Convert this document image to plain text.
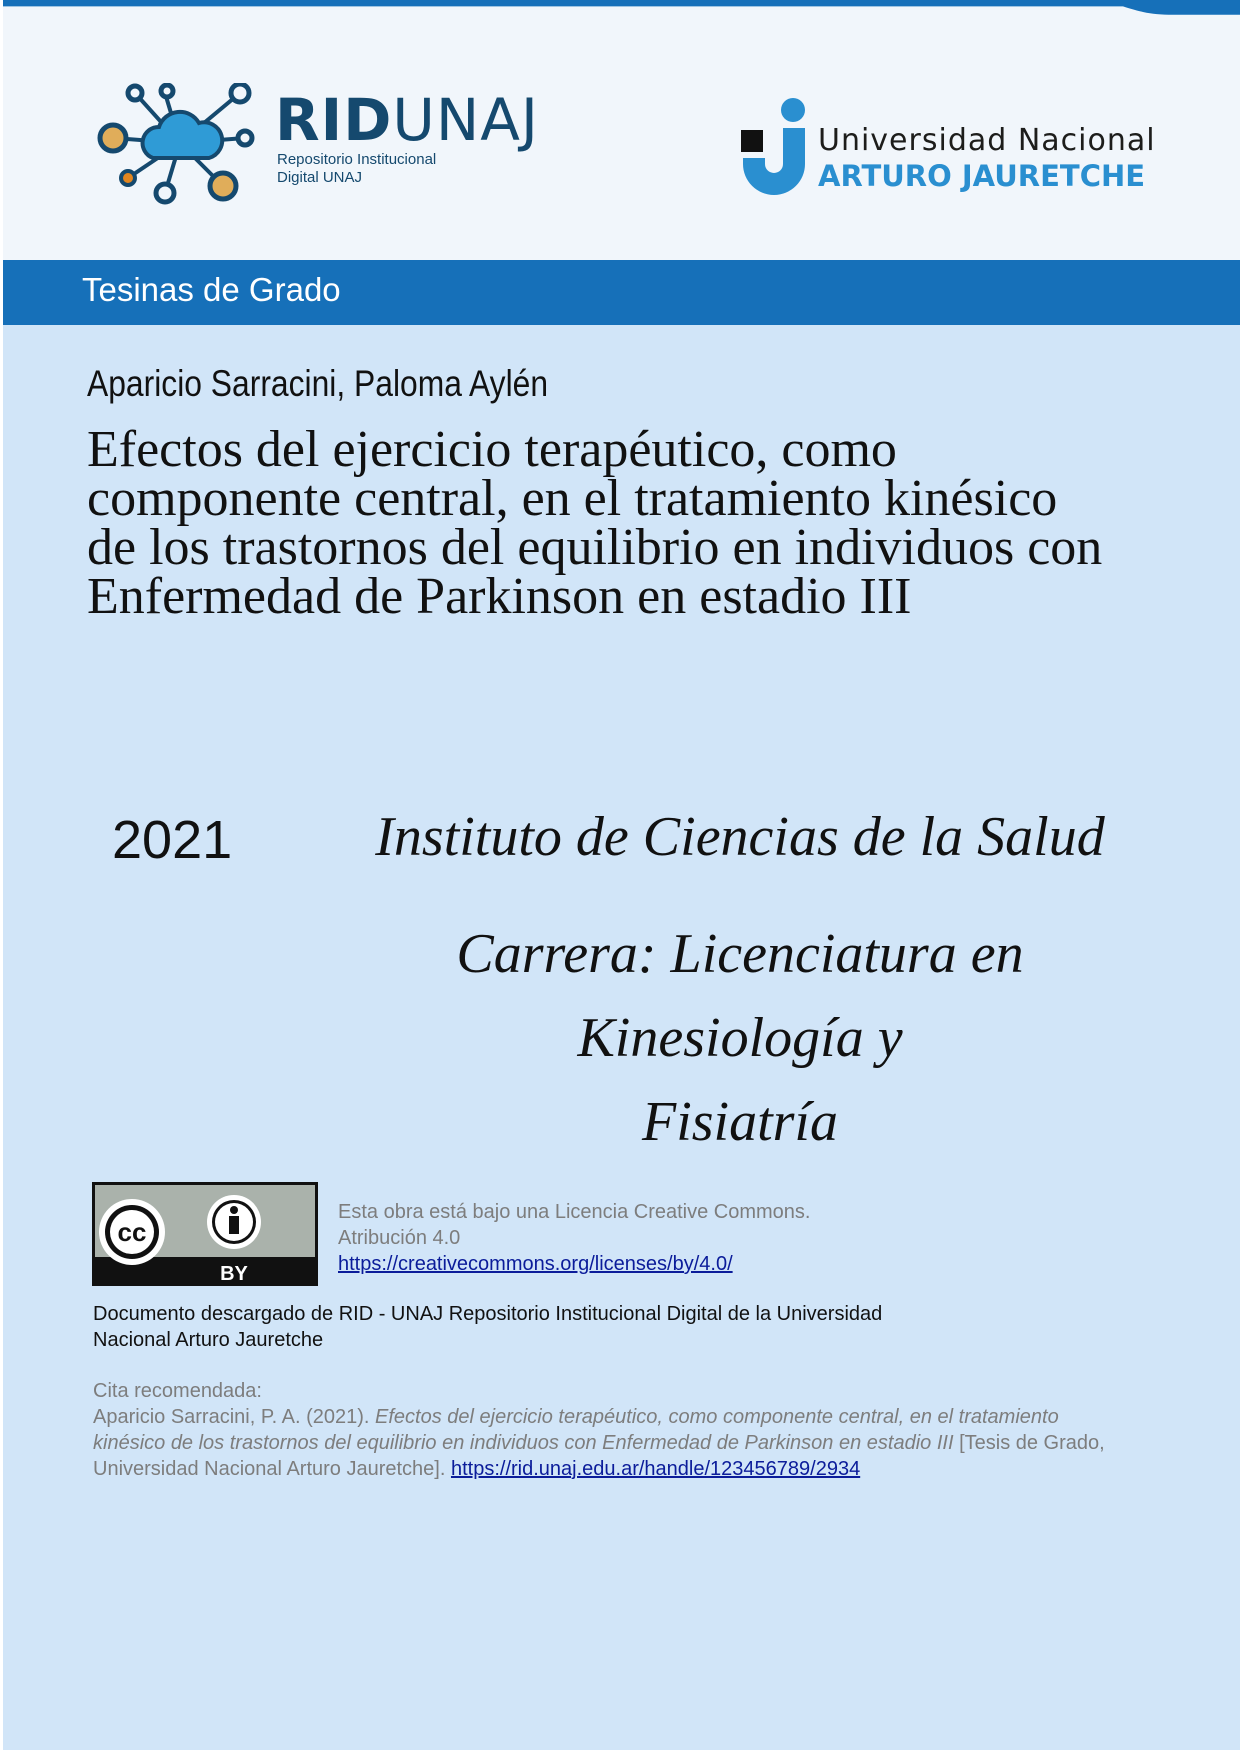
RIDUNAJ
Repositorio Institucional
Digital UNAJ
Universidad Nacional
ARTURO JAURETCHE
Tesinas de Grado
Aparicio Sarracini, Paloma Aylén
Efectos del ejercicio terapéutico, como
componente central, en el tratamiento kinésico
de los trastornos del equilibrio en individuos con
Enfermedad de Parkinson en estadio III
2021	Instituto de Ciencias de la Salud
Carrera: Licenciatura en Kinesiología y
Fisiatría
cc
BY
Esta obra está bajo una Licencia Creative Commons.
Atribución 4.0
https://creativecommons.org/licenses/by/4.0/
Documento descargado de RID - UNAJ Repositorio Institucional Digital de la Universidad
Nacional Arturo Jauretche
Cita recomendada:
Aparicio Sarracini, P. A. (2021). Efectos del ejercicio terapéutico, como componente central, en el tratamiento kinésico de los trastornos del equilibrio en individuos con Enfermedad de Parkinson en estadio III [Tesis de Grado, Universidad Nacional Arturo Jauretche]. https://rid.unaj.edu.ar/handle/123456789/2934
